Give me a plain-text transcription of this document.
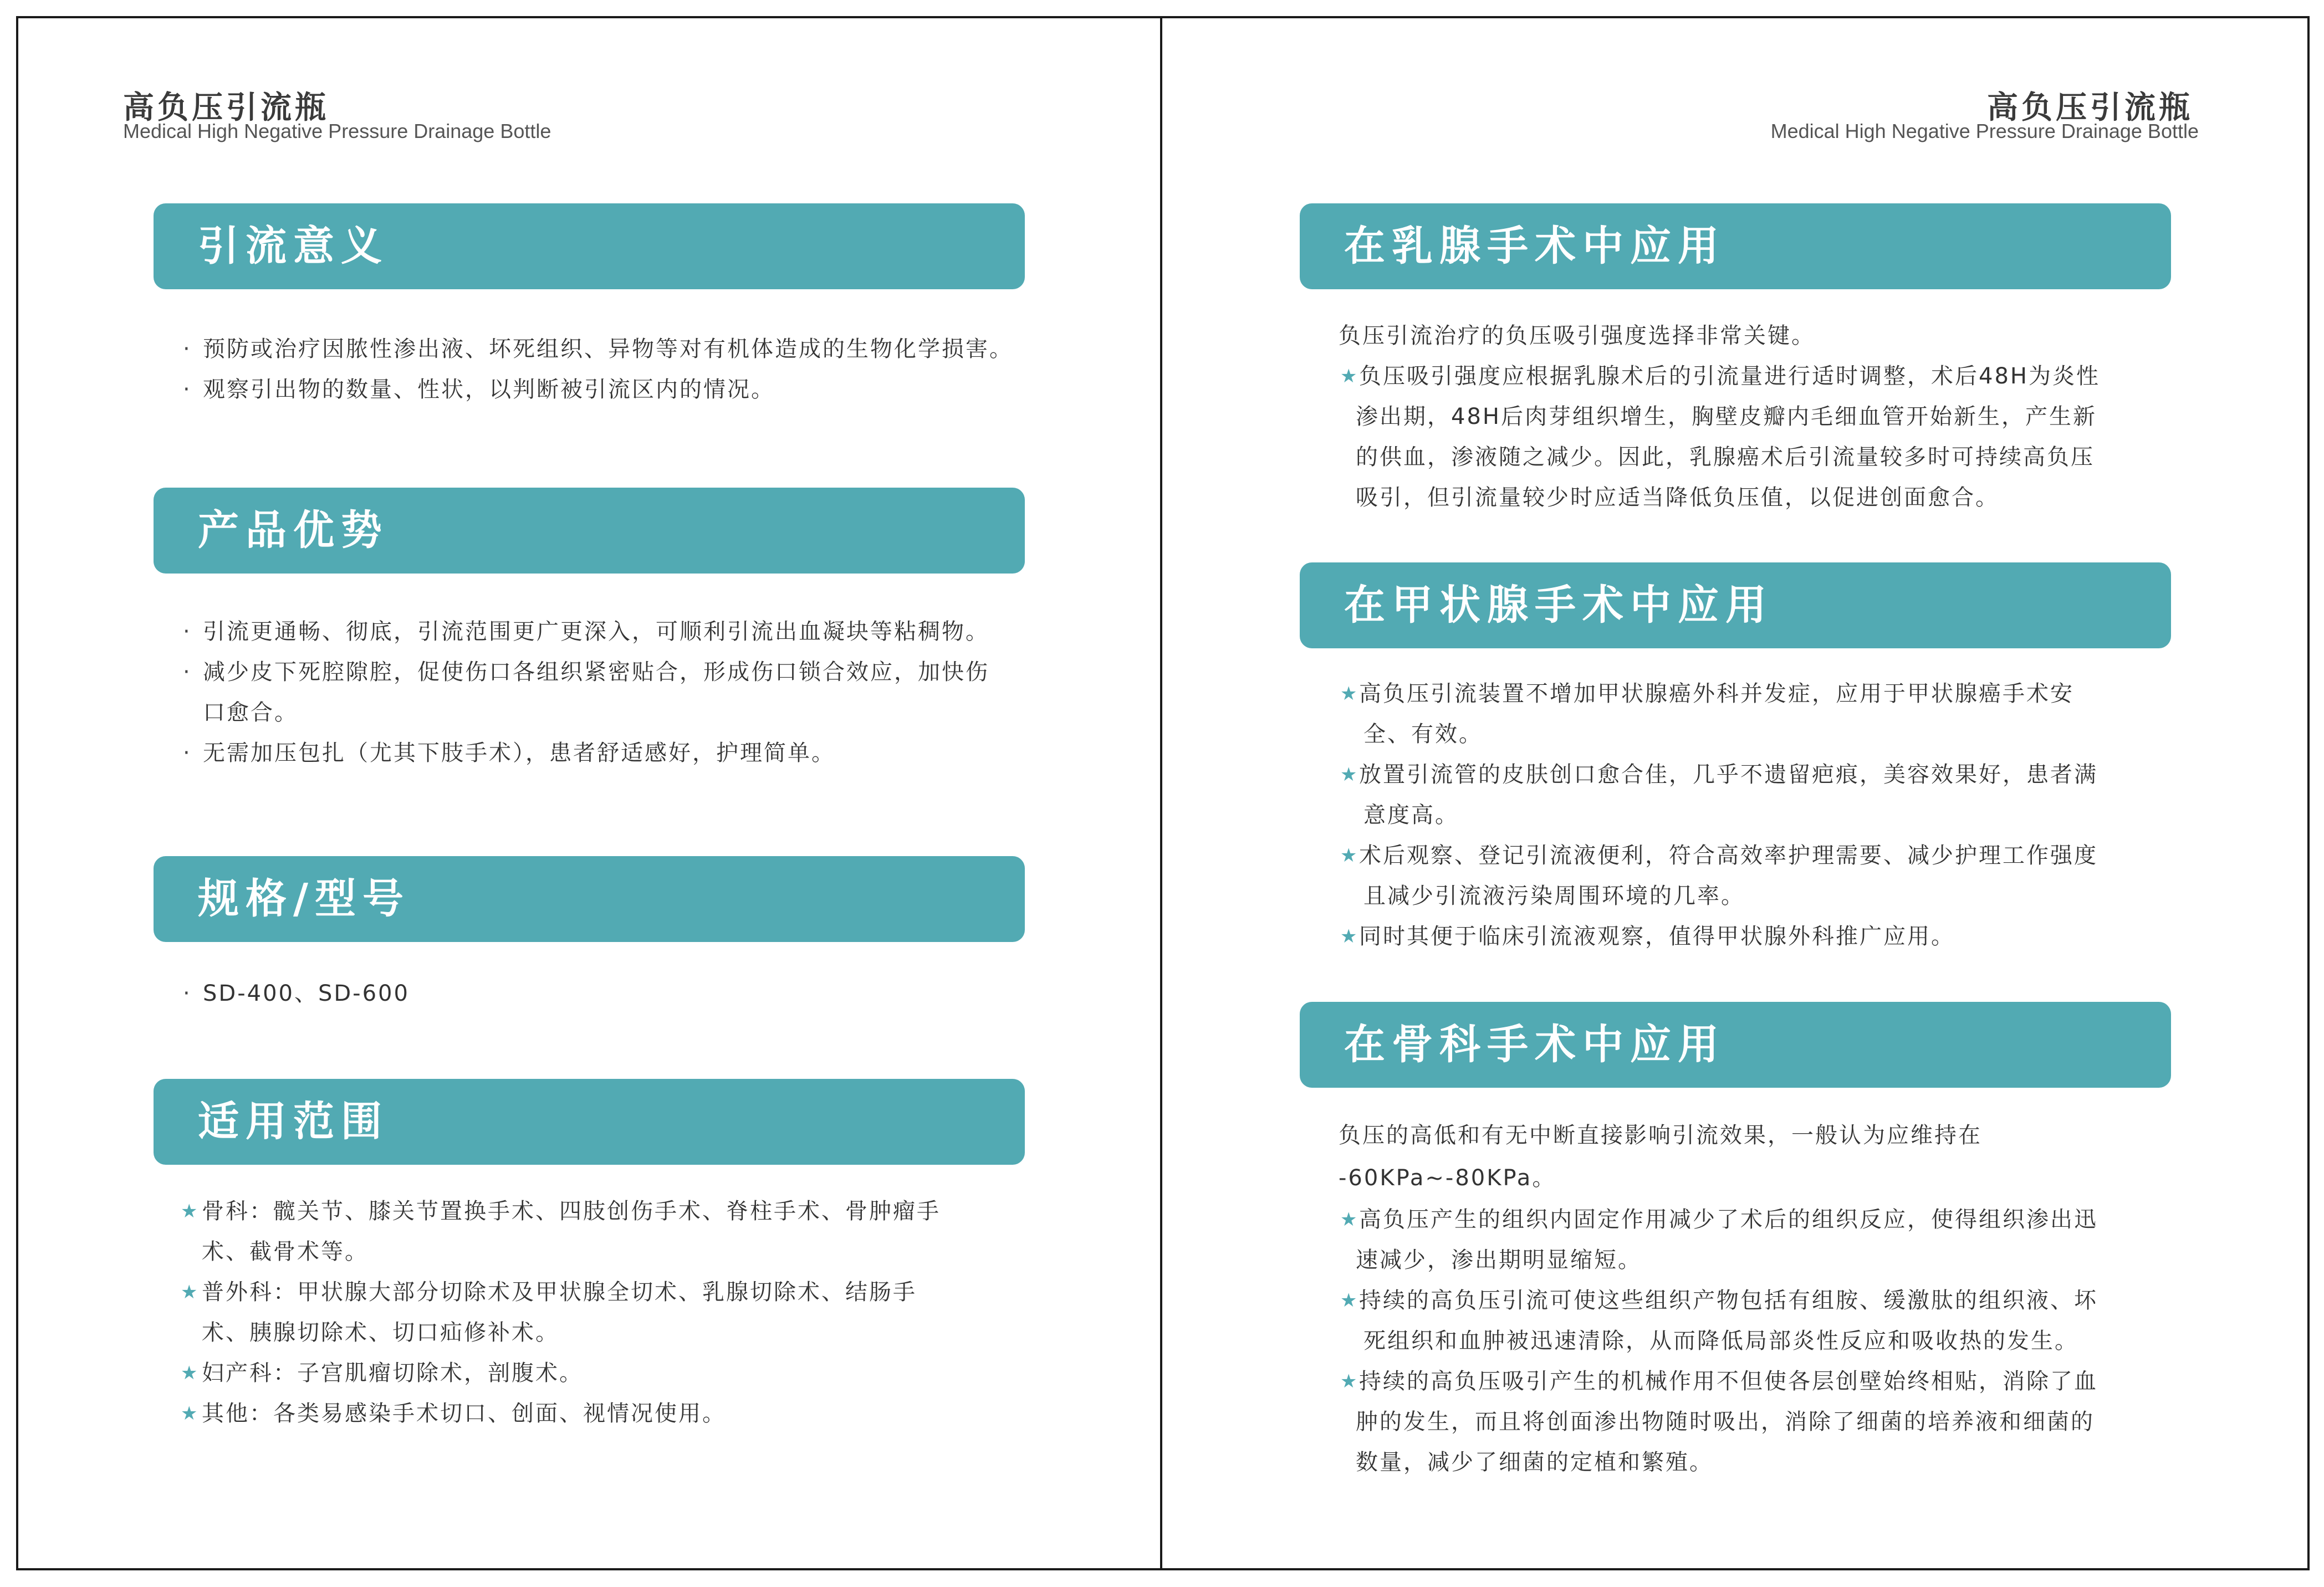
高负压引流瓶
Medical High Negative Pressure Drainage Bottle
引流意义
· 预防或治疗因脓性渗出液、坏死组织、异物等对有机体造成的生物化学损害。
· 观察引出物的数量、性状，以判断被引流区内的情况。
产品优势
· 引流更通畅、彻底，引流范围更广更深入，可顺利引流出血凝块等粘稠物。
· 减少皮下死腔隙腔，促使伤口各组织紧密贴合，形成伤口锁合效应，加快伤
口愈合。
· 无需加压包扎（尤其下肢手术），患者舒适感好，护理简单。
规格/型号
· SD-400、SD-600
适用范围
★ 骨科：髋关节、膝关节置换手术、四肢创伤手术、脊柱手术、骨肿瘤手
术、截骨术等。
★ 普外科：甲状腺大部分切除术及甲状腺全切术、乳腺切除术、结肠手
术、胰腺切除术、切口疝修补术。
★ 妇产科：子宫肌瘤切除术，剖腹术。
★ 其他：各类易感染手术切口、创面、视情况使用。
高负压引流瓶
Medical High Negative Pressure Drainage Bottle
在乳腺手术中应用
负压引流治疗的负压吸引强度选择非常关键。
★ 负压吸引强度应根据乳腺术后的引流量进行适时调整，术后48H为炎性
渗出期，48H后肉芽组织增生，胸壁皮瓣内毛细血管开始新生，产生新
的供血，渗液随之减少。因此，乳腺癌术后引流量较多时可持续高负压
吸引，但引流量较少时应适当降低负压值，以促进创面愈合。
在甲状腺手术中应用
★ 高负压引流装置不增加甲状腺癌外科并发症，应用于甲状腺癌手术安
全、有效。
★ 放置引流管的皮肤创口愈合佳，几乎不遗留疤痕，美容效果好，患者满
意度高。
★ 术后观察、登记引流液便利，符合高效率护理需要、减少护理工作强度
且减少引流液污染周围环境的几率。
★ 同时其便于临床引流液观察，值得甲状腺外科推广应用。
在骨科手术中应用
负压的高低和有无中断直接影响引流效果，一般认为应维持在
-60KPa~-80KPa。
★ 高负压产生的组织内固定作用减少了术后的组织反应，使得组织渗出迅
速减少，渗出期明显缩短。
★ 持续的高负压引流可使这些组织产物包括有组胺、缓激肽的组织液、坏
死组织和血肿被迅速清除，从而降低局部炎性反应和吸收热的发生。
★ 持续的高负压吸引产生的机械作用不但使各层创壁始终相贴，消除了血
肿的发生，而且将创面渗出物随时吸出，消除了细菌的培养液和细菌的
数量，减少了细菌的定植和繁殖。
